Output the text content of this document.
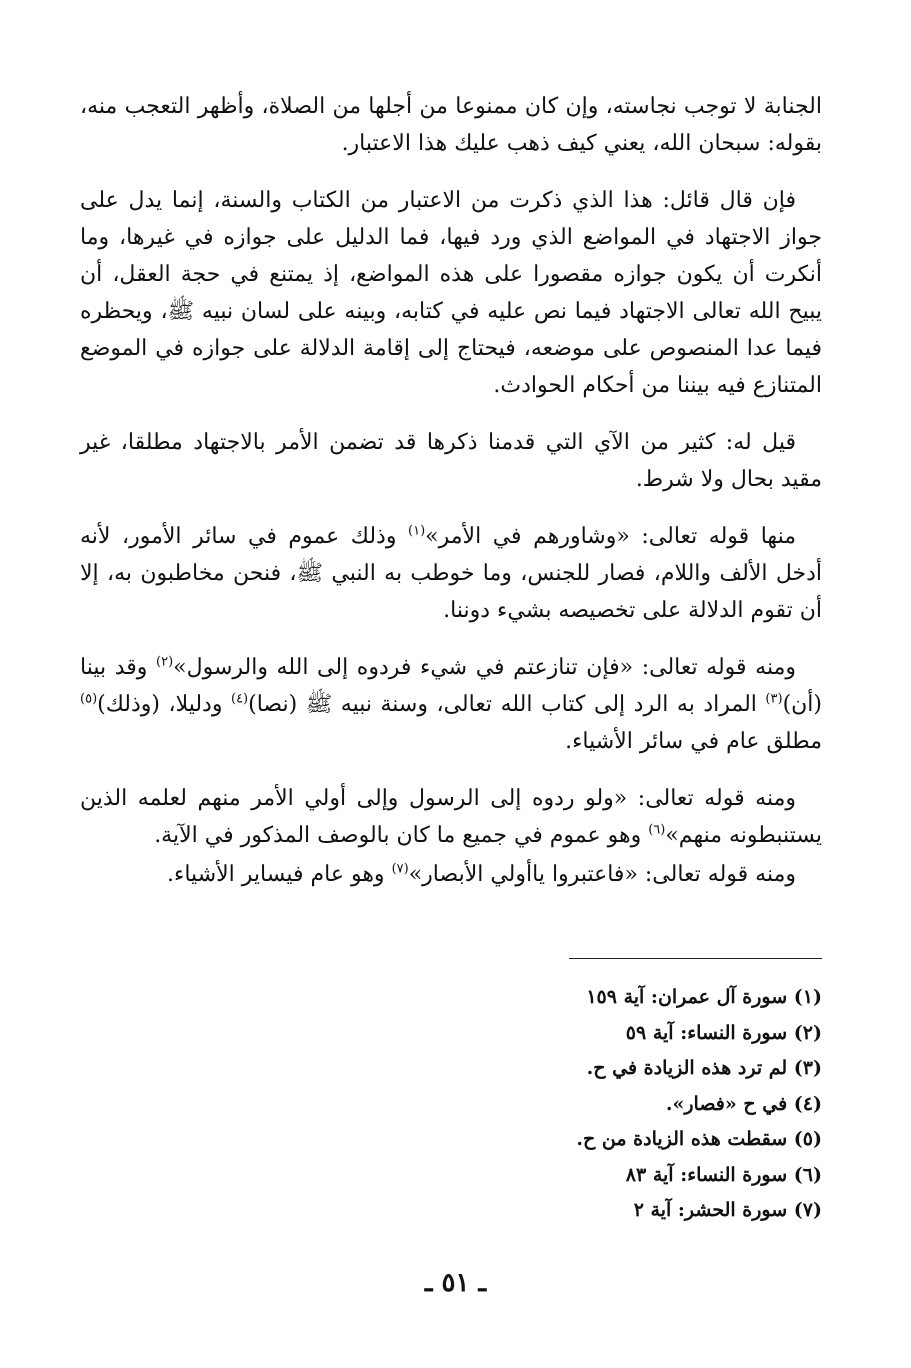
الجنابة لا توجب نجاسته، وإن كان ممنوعا من أجلها من الصلاة، وأظهر التعجب منه، بقوله: سبحان الله، يعني كيف ذهب عليك هذا الاعتبار.

فإن قال قائل: هذا الذي ذكرت من الاعتبار من الكتاب والسنة، إنما يدل على جواز الاجتهاد في المواضع الذي ورد فيها، فما الدليل على جوازه في غيرها، وما أنكرت أن يكون جوازه مقصورا على هذه المواضع، إذ يمتنع في حجة العقل، أن يبيح الله تعالى الاجتهاد فيما نص عليه في كتابه، وبينه على لسان نبيه ﷺ، ويحظره فيما عدا المنصوص على موضعه، فيحتاج إلى إقامة الدلالة على جوازه في الموضع المتنازع فيه بيننا من أحكام الحوادث.

قيل له: كثير من الآي التي قدمنا ذكرها قد تضمن الأمر بالاجتهاد مطلقا، غير مقيد بحال ولا شرط.

منها قوله تعالى: «وشاورهم في الأمر»$^{(١)}$ وذلك عموم في سائر الأمور، لأنه أدخل الألف واللام، فصار للجنس، وما خوطب به النبي ﷺ، فنحن مخاطبون به، إلا أن تقوم الدلالة على تخصيصه بشيء دوننا.

ومنه قوله تعالى: «فإن تنازعتم في شيء فردوه إلى الله والرسول»$^{(٢)}$ وقد بينا (أن)$^{(٣)}$ المراد به الرد إلى كتاب الله تعالى، وسنة نبيه ﷺ (نصا)$^{(٤)}$ ودليلا، (وذلك)$^{(٥)}$ مطلق عام في سائر الأشياء.

ومنه قوله تعالى: «ولو ردوه إلى الرسول وإلى أولي الأمر منهم لعلمه الذين يستنبطونه منهم»$^{(٦)}$ وهو عموم في جميع ما كان بالوصف المذكور في الآية.

ومنه قوله تعالى: «فاعتبروا ياأولي الأبصار»$^{(٧)}$ وهو عام فيساير الأشياء.

(١) سورة آل عمران: آية ١٥٩
(٢) سورة النساء: آية ٥٩
(٣) لم ترد هذه الزيادة في ح.
(٤) في ح «فصار».
(٥) سقطت هذه الزيادة من ح.
(٦) سورة النساء: آية ٨٣
(٧) سورة الحشر: آية ٢
ـ ٥١ ـ
